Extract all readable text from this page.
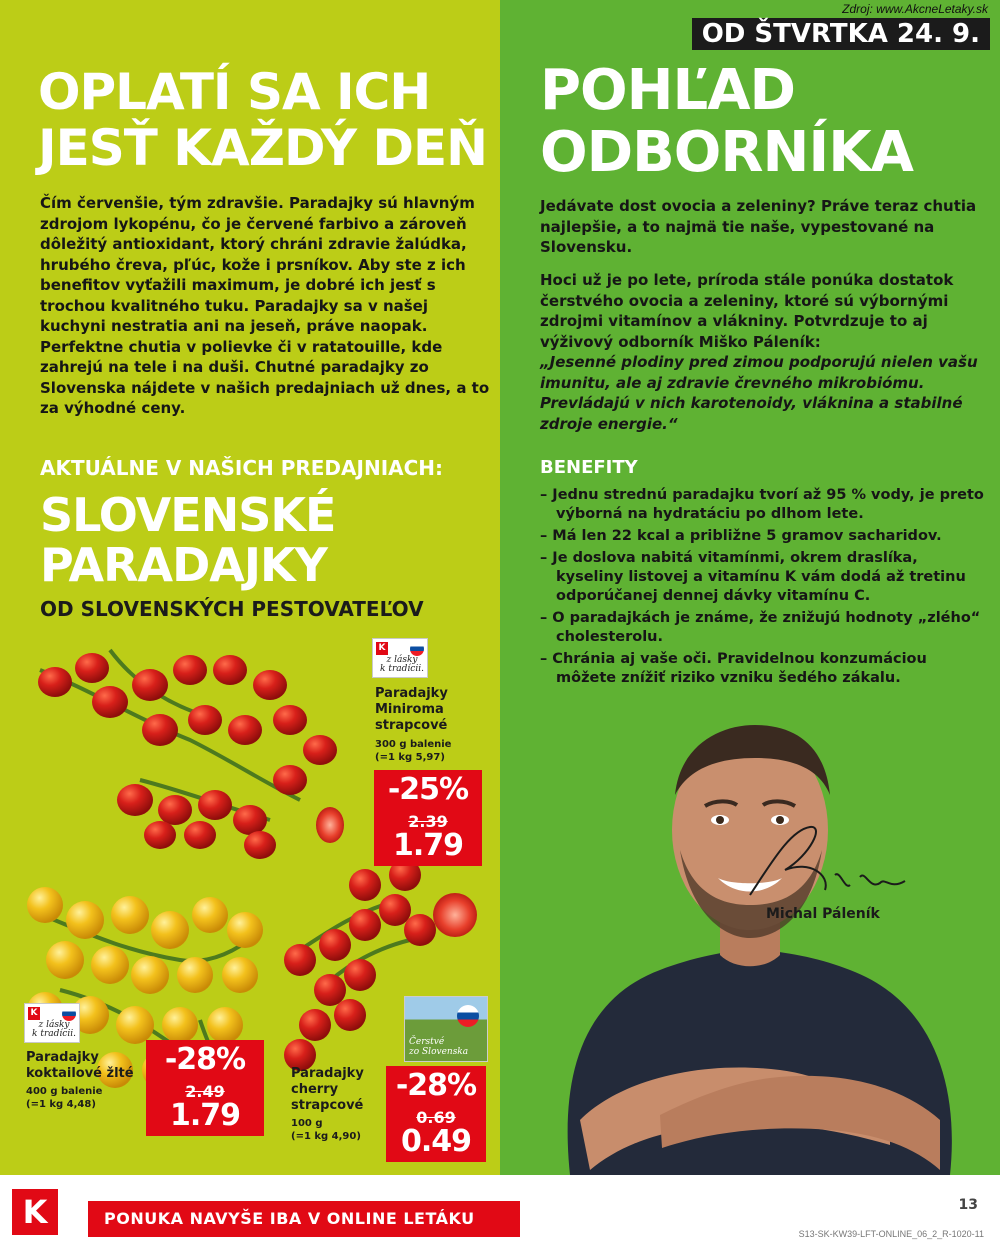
Zdroj: www.AkcneLetaky.sk
OD ŠTVRTKA 24. 9.
OPLATÍ SA ICH
JESŤ KAŽDÝ DEŇ
Čím červenšie, tým zdravšie. Paradajky sú hlavným zdrojom lykopénu, čo je červené farbivo a zároveň dôležitý antioxidant, ktorý chráni zdravie žalúdka, hrubého čreva, pľúc, kože i prsníkov. Aby ste z ich benefitov vyťažili maximum, je dobré ich jesť s trochou kvalitného tuku. Paradajky sa v našej kuchyni nestratia ani na jeseň, práve naopak. Perfektne chutia v polievke či v ratatouille, kde zahrejú na tele i na duši. Chutné paradajky zo Slovenska nájdete v našich predajniach už dnes, a to za výhodné ceny.
POHĽAD
ODBORNÍKA
Jedávate dost ovocia a zeleniny? Práve teraz chutia najlepšie, a to najmä tie naše, vypestované na Slovensku.
Hoci už je po lete, príroda stále ponúka dostatok čerstvého ovocia a zeleniny, ktoré sú výbornými zdrojmi vitamínov a vlákniny. Potvrdzuje to aj výživový odborník Miško Páleník:
„Jesenné plodiny pred zimou podporujú nielen vašu imunitu, ale aj zdravie črevného mikrobiómu. Prevládajú v nich karotenoidy, vláknina a stabilné zdroje energie.“
BENEFITY
– Jednu strednú paradajku tvorí až 95 % vody, je preto výborná na hydratáciu po dlhom lete.
– Má len 22 kcal a približne 5 gramov sacharidov.
– Je doslova nabitá vitamínmi, okrem draslíka, kyseliny listovej a vitamínu K vám dodá až tretinu odporúčanej dennej dávky vitamínu C.
– O paradajkách je známe, že znižujú hodnoty „zlého“ cholesterolu.
– Chránia aj vaše oči. Pravidelnou konzumáciou môžete znížiť riziko vzniku šedého zákalu.
AKTUÁLNE V NAŠICH PREDAJNIACH:
SLOVENSKÉ
PARADAJKY
OD SLOVENSKÝCH PESTOVATEĽOV
K
z lásky
k tradícii.
Paradajky
Miniroma
strapcové
300 g balenie
(=1 kg 5,97)
-25%
2.39
1.79
K
z lásky
k tradícii.
Paradajky
koktailové žlté
400 g balenie
(=1 kg 4,48)
-28%
2.49
1.79
Čerstvé
zo Slovenska
Paradajky
cherry
strapcové
100 g
(=1 kg 4,90)
-28%
0.69
0.49
Michal Páleník
K	PONUKA NAVYŠE IBA V ONLINE LETÁKU
13
S13-SK-KW39-LFT-ONLINE_06_2_R-1020-11
